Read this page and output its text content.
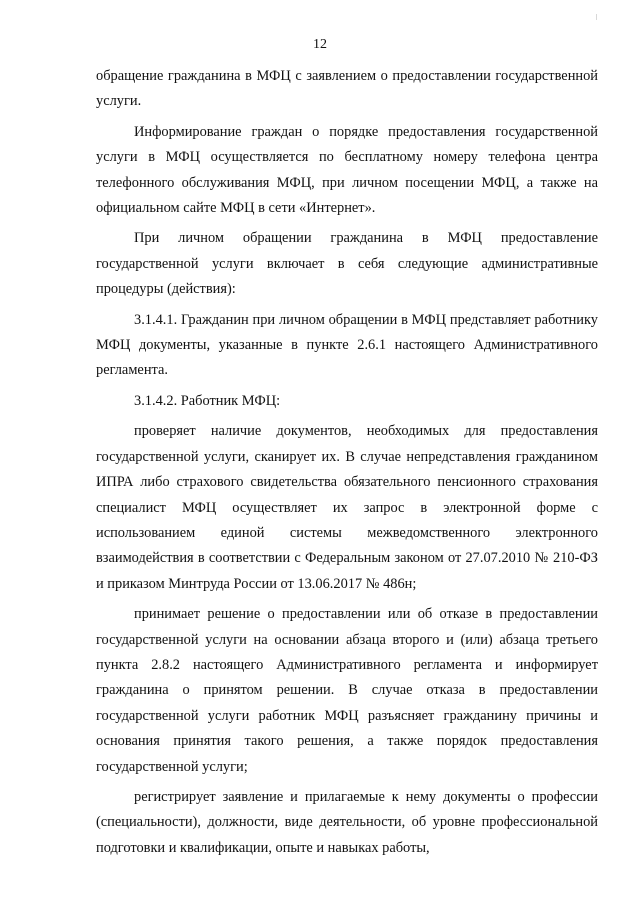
12

обращение гражданина в МФЦ с заявлением о предоставлении государственной услуги.

Информирование граждан о порядке предоставления государственной услуги в МФЦ осуществляется по бесплатному номеру телефона центра телефонного обслуживания МФЦ, при личном посещении МФЦ, а также на официальном сайте МФЦ в сети «Интернет».

При личном обращении гражданина в МФЦ предоставление государственной услуги включает в себя следующие административные процедуры (действия):

3.1.4.1. Гражданин при личном обращении в МФЦ представляет работнику МФЦ документы, указанные в пункте 2.6.1 настоящего Административного регламента.

3.1.4.2. Работник МФЦ:

проверяет наличие документов, необходимых для предоставления государственной услуги, сканирует их. В случае непредставления гражданином ИПРА либо страхового свидетельства обязательного пенсионного страхования специалист МФЦ осуществляет их запрос в электронной форме с использованием единой системы межведомственного электронного взаимодействия в соответствии с Федеральным законом от 27.07.2010 № 210-ФЗ и приказом Минтруда России от 13.06.2017 № 486н;

принимает решение о предоставлении или об отказе в предоставлении государственной услуги на основании абзаца второго и (или) абзаца третьего пункта 2.8.2 настоящего Административного регламента и информирует гражданина о принятом решении. В случае отказа в предоставлении государственной услуги работник МФЦ разъясняет гражданину причины и основания принятия такого решения, а также порядок предоставления государственной услуги;

регистрирует заявление и прилагаемые к нему документы о профессии (специальности), должности, виде деятельности, об уровне профессиональной подготовки и квалификации, опыте и навыках работы,
